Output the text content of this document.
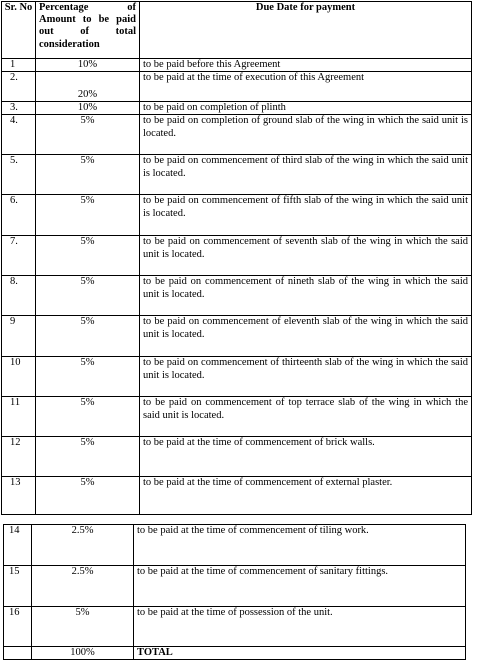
Sr. No	Percentage of Amount to be paid out of total consideration	Due Date for payment
1	10%	to be paid before this Agreement
2.	20%	to be paid at the time of execution of this Agreement
3.	10%	to be paid on completion of plinth
4.	5%	to be paid on completion of ground slab of the wing in which the said unit is located.
5.	5%	to be paid on commencement of third slab of the wing in which the said unit is located.
6.	5%	to be paid on commencement of fifth slab of the wing in which the said unit is located.
7.	5%	to be paid on commencement of seventh slab of the wing in which the said unit is located.
8.	5%	to be paid on commencement of nineth slab of the wing in which the said unit is located.
9	5%	to be paid on commencement of eleventh slab of the wing in which the said unit is located.
10	5%	to be paid on commencement of thirteenth slab of the wing in which the said unit is located.
11	5%	to be paid on commencement of top terrace slab of the wing in which the said unit is located.
12	5%	to be paid at the time of commencement of brick walls.
13	5%	to be paid at the time of commencement of external plaster.
14	2.5%	to be paid at the time of commencement of tiling work.
15	2.5%	to be paid at the time of commencement of sanitary fittings.
16	5%	to be paid at the time of possession of the unit.
	100%	TOTAL
